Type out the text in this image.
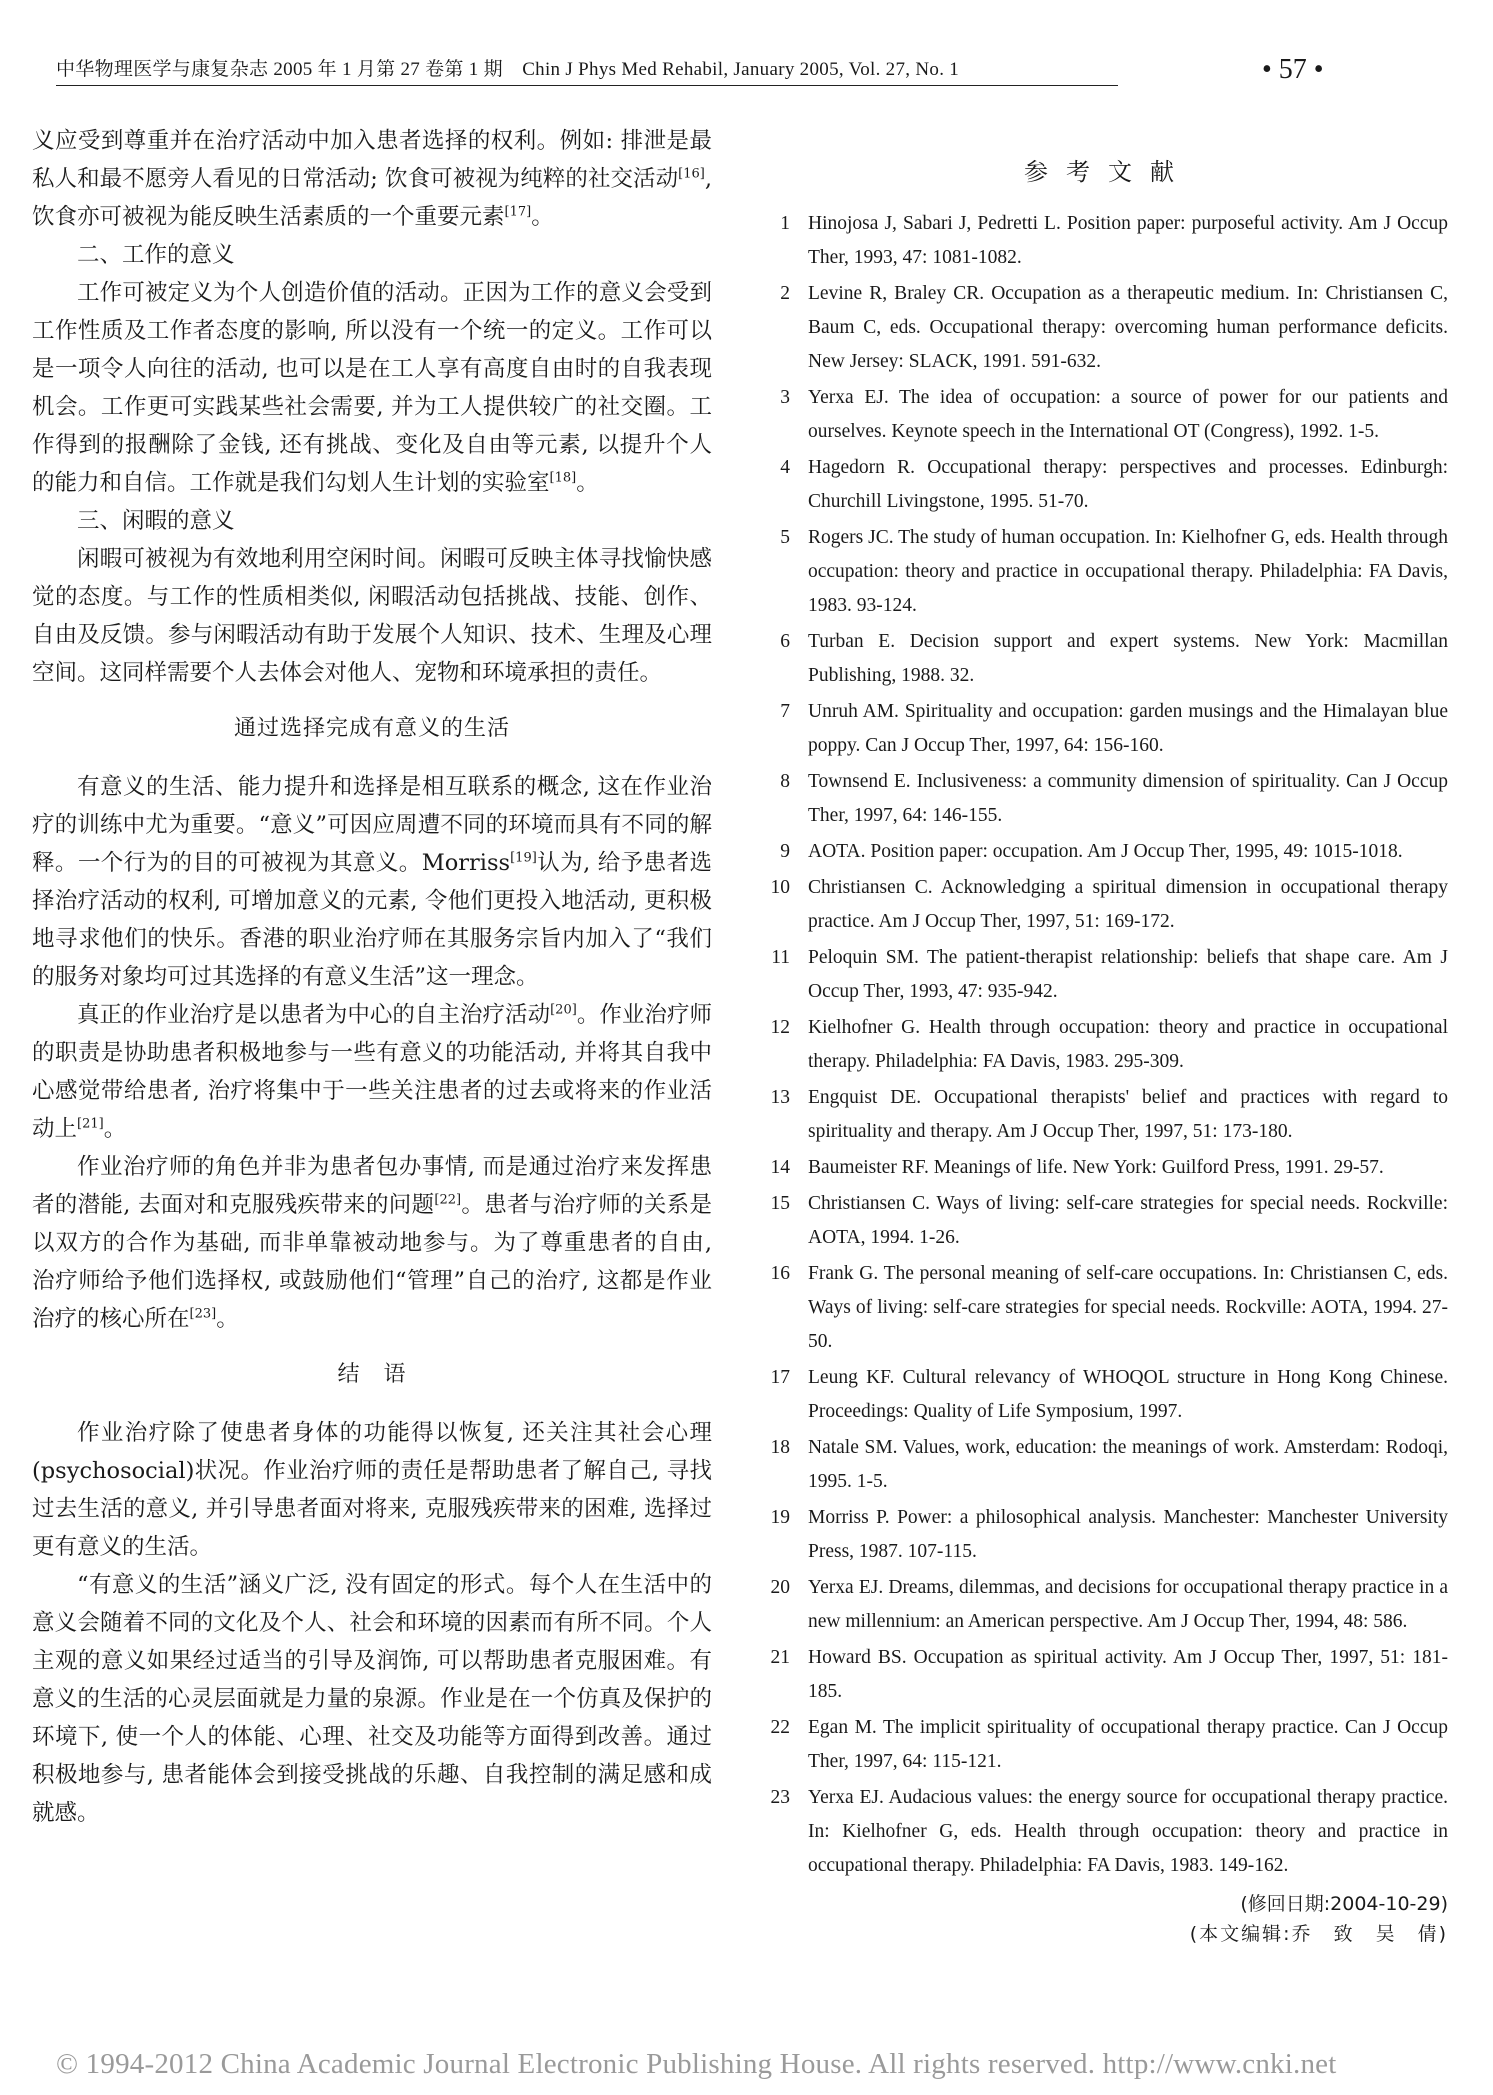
中华物理医学与康复杂志 2005 年 1 月第 27 卷第 1 期　Chin J Phys Med Rehabil, January 2005, Vol. 27, No. 1	• 57 •

义应受到尊重并在治疗活动中加入患者选择的权利。例如: 排泄是最私人和最不愿旁人看见的日常活动; 饮食可被视为纯粹的社交活动[16], 饮食亦可被视为能反映生活素质的一个重要元素[17]。

二、工作的意义

工作可被定义为个人创造价值的活动。正因为工作的意义会受到工作性质及工作者态度的影响, 所以没有一个统一的定义。工作可以是一项令人向往的活动, 也可以是在工人享有高度自由时的自我表现机会。工作更可实践某些社会需要, 并为工人提供较广的社交圈。工作得到的报酬除了金钱, 还有挑战、变化及自由等元素, 以提升个人的能力和自信。工作就是我们勾划人生计划的实验室[18]。

三、闲暇的意义

闲暇可被视为有效地利用空闲时间。闲暇可反映主体寻找愉快感觉的态度。与工作的性质相类似, 闲暇活动包括挑战、技能、创作、自由及反馈。参与闲暇活动有助于发展个人知识、技术、生理及心理空间。这同样需要个人去体会对他人、宠物和环境承担的责任。

通过选择完成有意义的生活

有意义的生活、能力提升和选择是相互联系的概念, 这在作业治疗的训练中尤为重要。“意义”可因应周遭不同的环境而具有不同的解释。一个行为的目的可被视为其意义。Morriss[19]认为, 给予患者选择治疗活动的权利, 可增加意义的元素, 令他们更投入地活动, 更积极地寻求他们的快乐。香港的职业治疗师在其服务宗旨内加入了“我们的服务对象均可过其选择的有意义生活”这一理念。

真正的作业治疗是以患者为中心的自主治疗活动[20]。作业治疗师的职责是协助患者积极地参与一些有意义的功能活动, 并将其自我中心感觉带给患者, 治疗将集中于一些关注患者的过去或将来的作业活动上[21]。

作业治疗师的角色并非为患者包办事情, 而是通过治疗来发挥患者的潜能, 去面对和克服残疾带来的问题[22]。患者与治疗师的关系是以双方的合作为基础, 而非单靠被动地参与。为了尊重患者的自由, 治疗师给予他们选择权, 或鼓励他们“管理”自己的治疗, 这都是作业治疗的核心所在[23]。

结　语

作业治疗除了使患者身体的功能得以恢复, 还关注其社会心理(psychosocial)状况。作业治疗师的责任是帮助患者了解自己, 寻找过去生活的意义, 并引导患者面对将来, 克服残疾带来的困难, 选择过更有意义的生活。

“有意义的生活”涵义广泛, 没有固定的形式。每个人在生活中的意义会随着不同的文化及个人、社会和环境的因素而有所不同。个人主观的意义如果经过适当的引导及润饰, 可以帮助患者克服困难。有意义的生活的心灵层面就是力量的泉源。作业是在一个仿真及保护的环境下, 使一个人的体能、心理、社交及功能等方面得到改善。通过积极地参与, 患者能体会到接受挑战的乐趣、自我控制的满足感和成就感。

参考文献
1 Hinojosa J, Sabari J, Pedretti L. Position paper: purposeful activity. Am J Occup Ther, 1993, 47: 1081-1082.
2 Levine R, Braley CR. Occupation as a therapeutic medium. In: Christiansen C, Baum C, eds. Occupational therapy: overcoming human performance deficits. New Jersey: SLACK, 1991. 591-632.
3 Yerxa EJ. The idea of occupation: a source of power for our patients and ourselves. Keynote speech in the International OT (Congress), 1992. 1-5.
4 Hagedorn R. Occupational therapy: perspectives and processes. Edinburgh: Churchill Livingstone, 1995. 51-70.
5 Rogers JC. The study of human occupation. In: Kielhofner G, eds. Health through occupation: theory and practice in occupational therapy. Philadelphia: FA Davis, 1983. 93-124.
6 Turban E. Decision support and expert systems. New York: Macmillan Publishing, 1988. 32.
7 Unruh AM. Spirituality and occupation: garden musings and the Himalayan blue poppy. Can J Occup Ther, 1997, 64: 156-160.
8 Townsend E. Inclusiveness: a community dimension of spirituality. Can J Occup Ther, 1997, 64: 146-155.
9 AOTA. Position paper: occupation. Am J Occup Ther, 1995, 49: 1015-1018.
10 Christiansen C. Acknowledging a spiritual dimension in occupational therapy practice. Am J Occup Ther, 1997, 51: 169-172.
11 Peloquin SM. The patient-therapist relationship: beliefs that shape care. Am J Occup Ther, 1993, 47: 935-942.
12 Kielhofner G. Health through occupation: theory and practice in occupational therapy. Philadelphia: FA Davis, 1983. 295-309.
13 Engquist DE. Occupational therapists' belief and practices with regard to spirituality and therapy. Am J Occup Ther, 1997, 51: 173-180.
14 Baumeister RF. Meanings of life. New York: Guilford Press, 1991. 29-57.
15 Christiansen C. Ways of living: self-care strategies for special needs. Rockville: AOTA, 1994. 1-26.
16 Frank G. The personal meaning of self-care occupations. In: Christiansen C, eds. Ways of living: self-care strategies for special needs. Rockville: AOTA, 1994. 27-50.
17 Leung KF. Cultural relevancy of WHOQOL structure in Hong Kong Chinese. Proceedings: Quality of Life Symposium, 1997.
18 Natale SM. Values, work, education: the meanings of work. Amsterdam: Rodoqi, 1995. 1-5.
19 Morriss P. Power: a philosophical analysis. Manchester: Manchester University Press, 1987. 107-115.
20 Yerxa EJ. Dreams, dilemmas, and decisions for occupational therapy practice in a new millennium: an American perspective. Am J Occup Ther, 1994, 48: 586.
21 Howard BS. Occupation as spiritual activity. Am J Occup Ther, 1997, 51: 181-185.
22 Egan M. The implicit spirituality of occupational therapy practice. Can J Occup Ther, 1997, 64: 115-121.
23 Yerxa EJ. Audacious values: the energy source for occupational therapy practice. In: Kielhofner G, eds. Health through occupation: theory and practice in occupational therapy. Philadelphia: FA Davis, 1983. 149-162.
(修回日期:2004-10-29)
(本文编辑:乔　致　吴　倩)
© 1994-2012 China Academic Journal Electronic Publishing House. All rights reserved. http://www.cnki.net
